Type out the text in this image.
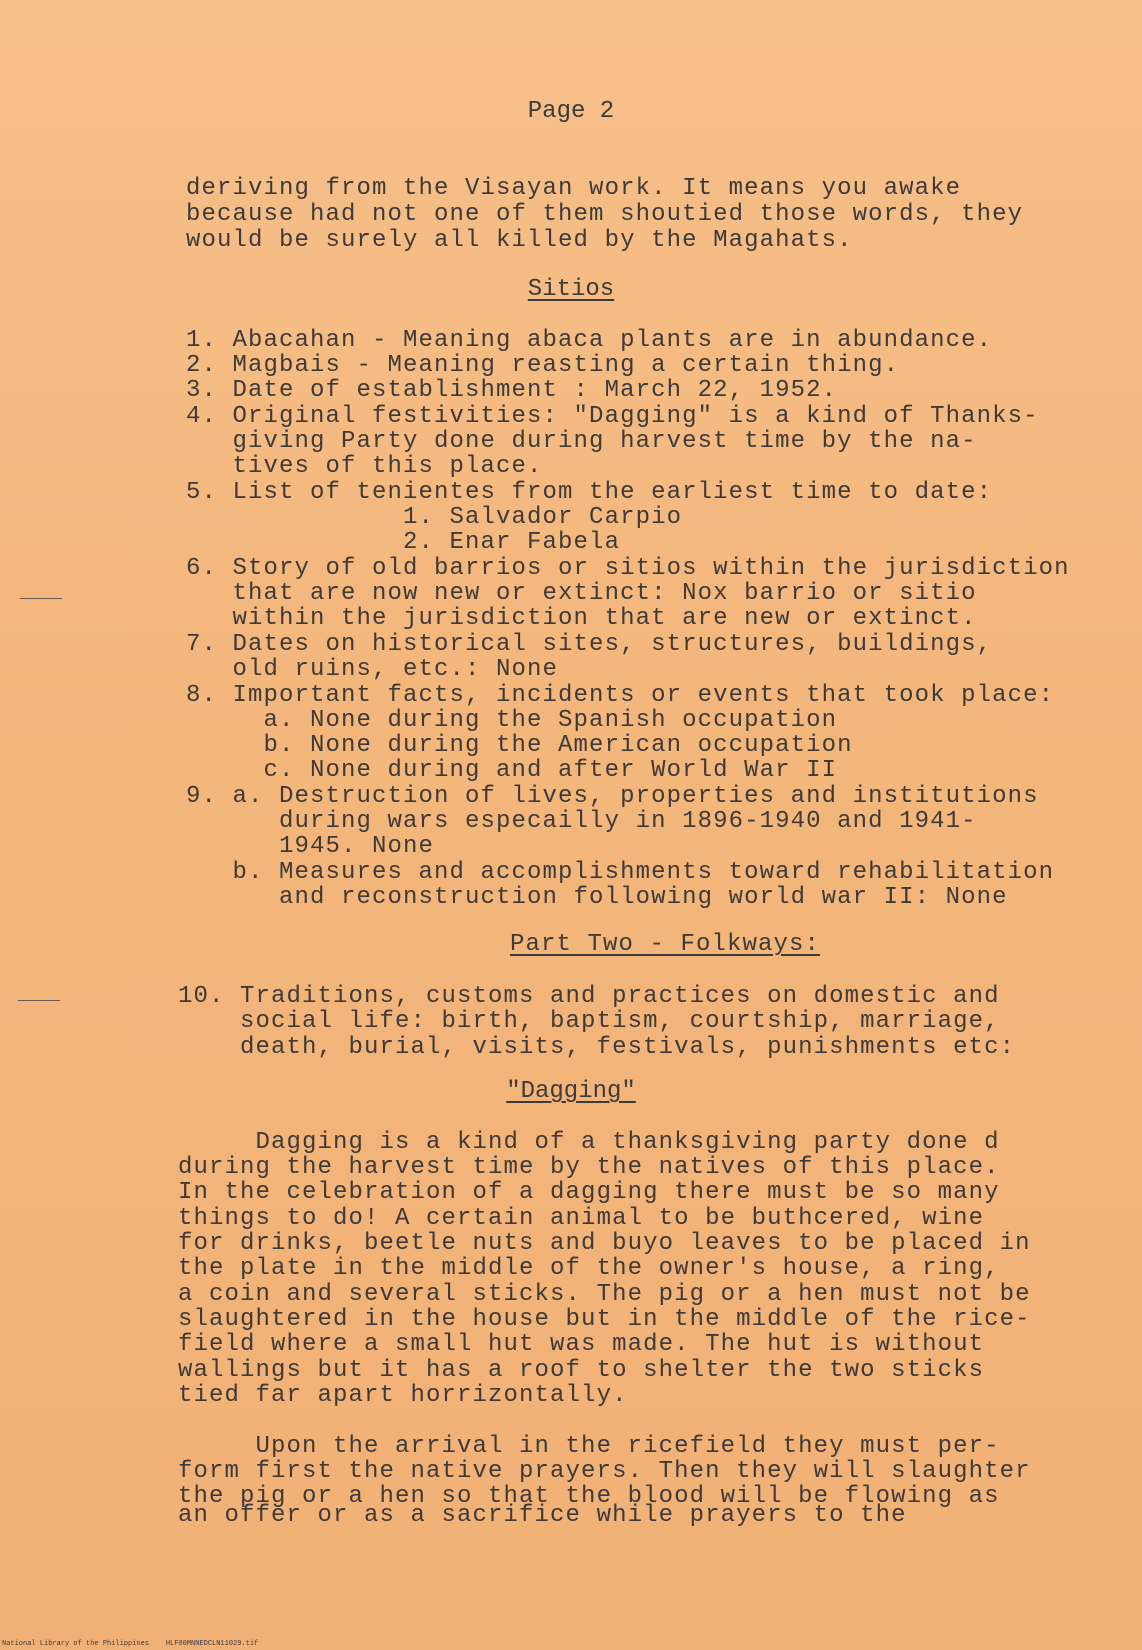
Page 2
deriving from the Visayan work. It means you awake
because had not one of them shoutied those words, they
would be surely all killed by the Magahats.
Sitios
1. Abacahan - Meaning abaca plants are in abundance.
2. Magbais - Meaning reasting a certain thing.
3. Date of establishment : March 22, 1952.
4. Original festivities: "Dagging" is a kind of Thanks-
giving Party done during harvest time by the na-
tives of this place.
5. List of tenientes from the earliest time to date:
1. Salvador Carpio
2. Enar Fabela
6. Story of old barrios or sitios within the jurisdiction
that are now new or extinct: Nox barrio or sitio
within the jurisdiction that are new or extinct.
7. Dates on historical sites, structures, buildings,
old ruins, etc.: None
8. Important facts, incidents or events that took place:
a. None during the Spanish occupation
b. None during the American occupation
c. None during and after World War II
9. a. Destruction of lives, properties and institutions
during wars especailly in 1896-1940 and 1941-
1945. None
b. Measures and accomplishments toward rehabilitation
and reconstruction following world war II: None
Part Two - Folkways:
10. Traditions, customs and practices on domestic and
social life: birth, baptism, courtship, marriage,
death, burial, visits, festivals, punishments etc:
"Dagging"
Dagging is a kind of a thanksgiving party done d
during the harvest time by the natives of this place.
In the celebration of a dagging there must be so many
things to do! A certain animal to be buthcered, wine
for drinks, beetle nuts and buyo leaves to be placed in
the plate in the middle of the owner's house, a ring,
a coin and several sticks. The pig or a hen must not be
slaughtered in the house but in the middle of the rice-
field where a small hut was made. The hut is without
wallings but it has a roof to shelter the two sticks
tied far apart horrizontally.
Upon the arrival in the ricefield they must per-
form first the native prayers. Then they will slaughter
the pig or a hen so that the blood will be flowing as
an offer or as a sacrifice while prayers to the
National Library of the Philippines    HLF00MNNEDCLN11029.tif
